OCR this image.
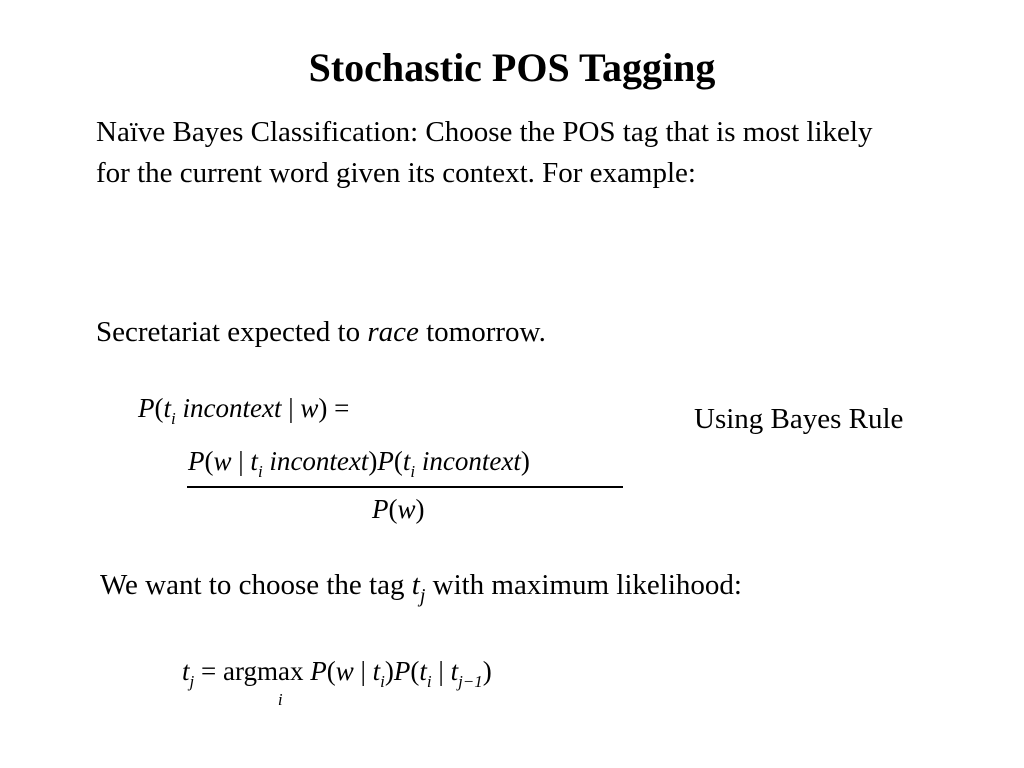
Stochastic POS Tagging
Naïve Bayes Classification: Choose the POS tag that is most likely for the current word given its context. For example:
Secretariat expected to race tomorrow.
$P(t_i$ incontext | w) =
P(w | $t_i$ $incontext)P(t_i$ incontext)
P(w)
Using Bayes Rule
We want to choose the tag $t_j$ with maximum likelihood:
$t_j = argmax$
i
P(w | $t_i)P(t_i$ | $t_{j-1}$)
